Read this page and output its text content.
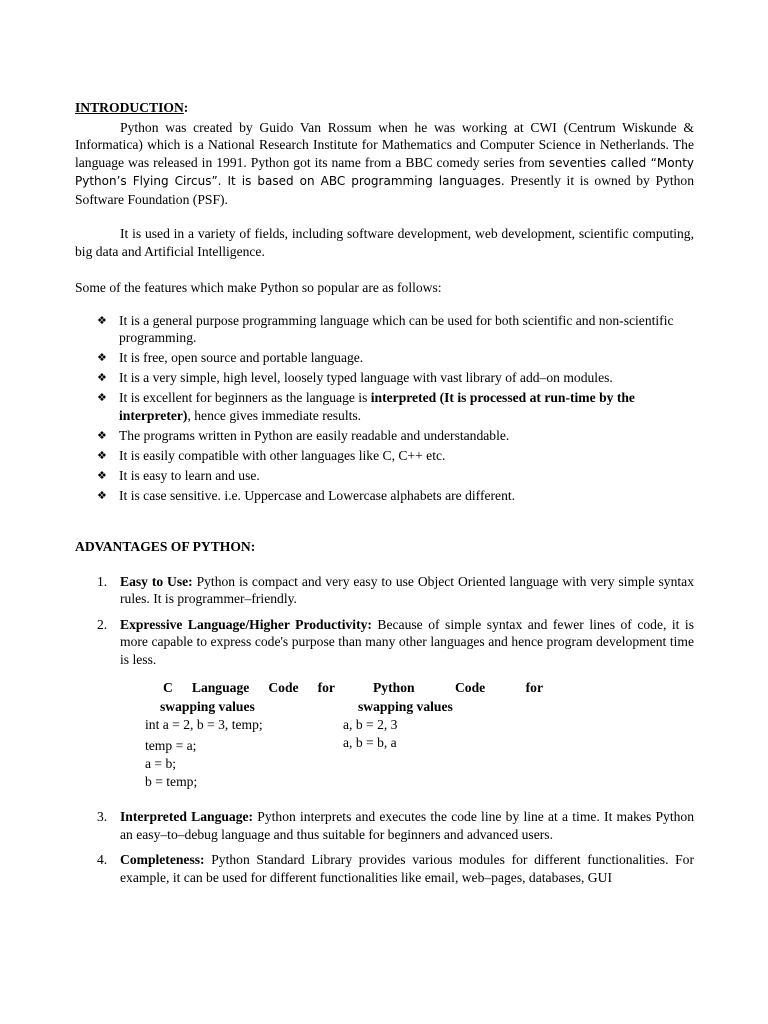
INTRODUCTION:

Python was created by Guido Van Rossum when he was working at CWI (Centrum Wiskunde & Informatica) which is a National Research Institute for Mathematics and Computer Science in Netherlands. The language was released in 1991. Python got its name from a BBC comedy series from seventies called “Monty Python’s Flying Circus”. It is based on ABC programming languages. Presently it is owned by Python Software Foundation (PSF).

It is used in a variety of fields, including software development, web development, scientific computing, big data and Artificial Intelligence.

Some of the features which make Python so popular are as follows:

❖ It is a general purpose programming language which can be used for both scientific and non-scientific programming.
❖ It is free, open source and portable language.
❖ It is a very simple, high level, loosely typed language with vast library of add–on modules.
❖ It is excellent for beginners as the language is interpreted (It is processed at run-time by the interpreter), hence gives immediate results.
❖ The programs written in Python are easily readable and understandable.
❖ It is easily compatible with other languages like C, C++ etc.
❖ It is easy to learn and use.
❖ It is case sensitive. i.e. Uppercase and Lowercase alphabets are different.

ADVANTAGES OF PYTHON:

1. Easy to Use: Python is compact and very easy to use Object Oriented language with very simple syntax rules. It is programmer–friendly.
2. Expressive Language/Higher Productivity: Because of simple syntax and fewer lines of code, it is more capable to express code's purpose than many other languages and hence program development time is less.
C Language Code for
swapping values
int a = 2, b = 3, temp;
temp = a;
a = b;
b = temp;
Python	Code	for
swapping values
a, b = 2, 3
a, b = b, a
3. Interpreted Language: Python interprets and executes the code line by line at a time. It makes Python an easy–to–debug language and thus suitable for beginners and advanced users.
4. Completeness: Python Standard Library provides various modules for different functionalities. For example, it can be used for different functionalities like email, web–pages, databases, GUI
